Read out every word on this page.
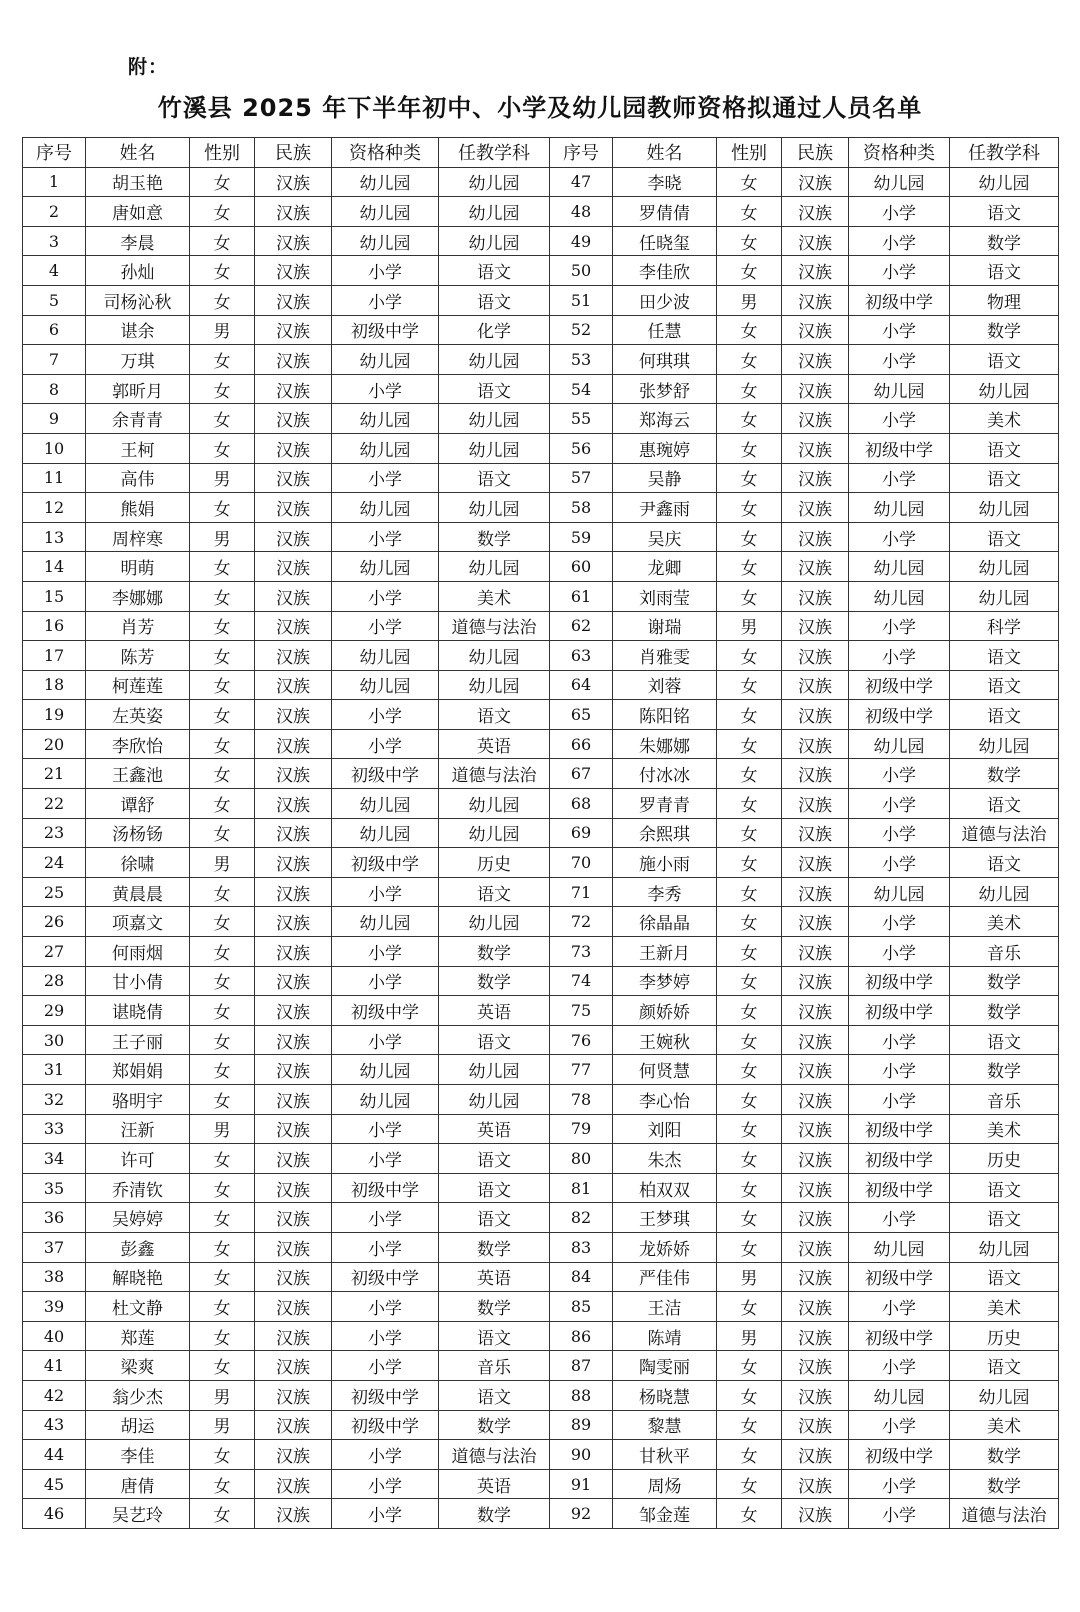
附：
竹溪县 2025 年下半年初中、小学及幼儿园教师资格拟通过人员名单
序号	姓名	性别	民族	资格种类	任教学科	序号	姓名	性别	民族	资格种类	任教学科
1	胡玉艳	女	汉族	幼儿园	幼儿园	47	李晓	女	汉族	幼儿园	幼儿园
2	唐如意	女	汉族	幼儿园	幼儿园	48	罗倩倩	女	汉族	小学	语文
3	李晨	女	汉族	幼儿园	幼儿园	49	任晓玺	女	汉族	小学	数学
4	孙灿	女	汉族	小学	语文	50	李佳欣	女	汉族	小学	语文
5	司杨沁秋	女	汉族	小学	语文	51	田少波	男	汉族	初级中学	物理
6	谌余	男	汉族	初级中学	化学	52	任慧	女	汉族	小学	数学
7	万琪	女	汉族	幼儿园	幼儿园	53	何琪琪	女	汉族	小学	语文
8	郭昕月	女	汉族	小学	语文	54	张梦舒	女	汉族	幼儿园	幼儿园
9	余青青	女	汉族	幼儿园	幼儿园	55	郑海云	女	汉族	小学	美术
10	王柯	女	汉族	幼儿园	幼儿园	56	惠琬婷	女	汉族	初级中学	语文
11	高伟	男	汉族	小学	语文	57	吴静	女	汉族	小学	语文
12	熊娟	女	汉族	幼儿园	幼儿园	58	尹鑫雨	女	汉族	幼儿园	幼儿园
13	周梓寒	男	汉族	小学	数学	59	吴庆	女	汉族	小学	语文
14	明萌	女	汉族	幼儿园	幼儿园	60	龙卿	女	汉族	幼儿园	幼儿园
15	李娜娜	女	汉族	小学	美术	61	刘雨莹	女	汉族	幼儿园	幼儿园
16	肖芳	女	汉族	小学	道德与法治	62	谢瑞	男	汉族	小学	科学
17	陈芳	女	汉族	幼儿园	幼儿园	63	肖雅雯	女	汉族	小学	语文
18	柯莲莲	女	汉族	幼儿园	幼儿园	64	刘蓉	女	汉族	初级中学	语文
19	左英姿	女	汉族	小学	语文	65	陈阳铭	女	汉族	初级中学	语文
20	李欣怡	女	汉族	小学	英语	66	朱娜娜	女	汉族	幼儿园	幼儿园
21	王鑫池	女	汉族	初级中学	道德与法治	67	付冰冰	女	汉族	小学	数学
22	谭舒	女	汉族	幼儿园	幼儿园	68	罗青青	女	汉族	小学	语文
23	汤杨钖	女	汉族	幼儿园	幼儿园	69	余熙琪	女	汉族	小学	道德与法治
24	徐啸	男	汉族	初级中学	历史	70	施小雨	女	汉族	小学	语文
25	黄晨晨	女	汉族	小学	语文	71	李秀	女	汉族	幼儿园	幼儿园
26	项嘉文	女	汉族	幼儿园	幼儿园	72	徐晶晶	女	汉族	小学	美术
27	何雨烟	女	汉族	小学	数学	73	王新月	女	汉族	小学	音乐
28	甘小倩	女	汉族	小学	数学	74	李梦婷	女	汉族	初级中学	数学
29	谌晓倩	女	汉族	初级中学	英语	75	颜娇娇	女	汉族	初级中学	数学
30	王子丽	女	汉族	小学	语文	76	王婉秋	女	汉族	小学	语文
31	郑娟娟	女	汉族	幼儿园	幼儿园	77	何贤慧	女	汉族	小学	数学
32	骆明宇	女	汉族	幼儿园	幼儿园	78	李心怡	女	汉族	小学	音乐
33	汪新	男	汉族	小学	英语	79	刘阳	女	汉族	初级中学	美术
34	许可	女	汉族	小学	语文	80	朱杰	女	汉族	初级中学	历史
35	乔清钦	女	汉族	初级中学	语文	81	柏双双	女	汉族	初级中学	语文
36	吴婷婷	女	汉族	小学	语文	82	王梦琪	女	汉族	小学	语文
37	彭鑫	女	汉族	小学	数学	83	龙娇娇	女	汉族	幼儿园	幼儿园
38	解晓艳	女	汉族	初级中学	英语	84	严佳伟	男	汉族	初级中学	语文
39	杜文静	女	汉族	小学	数学	85	王洁	女	汉族	小学	美术
40	郑莲	女	汉族	小学	语文	86	陈靖	男	汉族	初级中学	历史
41	梁爽	女	汉族	小学	音乐	87	陶雯丽	女	汉族	小学	语文
42	翁少杰	男	汉族	初级中学	语文	88	杨晓慧	女	汉族	幼儿园	幼儿园
43	胡运	男	汉族	初级中学	数学	89	黎慧	女	汉族	小学	美术
44	李佳	女	汉族	小学	道德与法治	90	甘秋平	女	汉族	初级中学	数学
45	唐倩	女	汉族	小学	英语	91	周炀	女	汉族	小学	数学
46	吴艺玲	女	汉族	小学	数学	92	邹金莲	女	汉族	小学	道德与法治
